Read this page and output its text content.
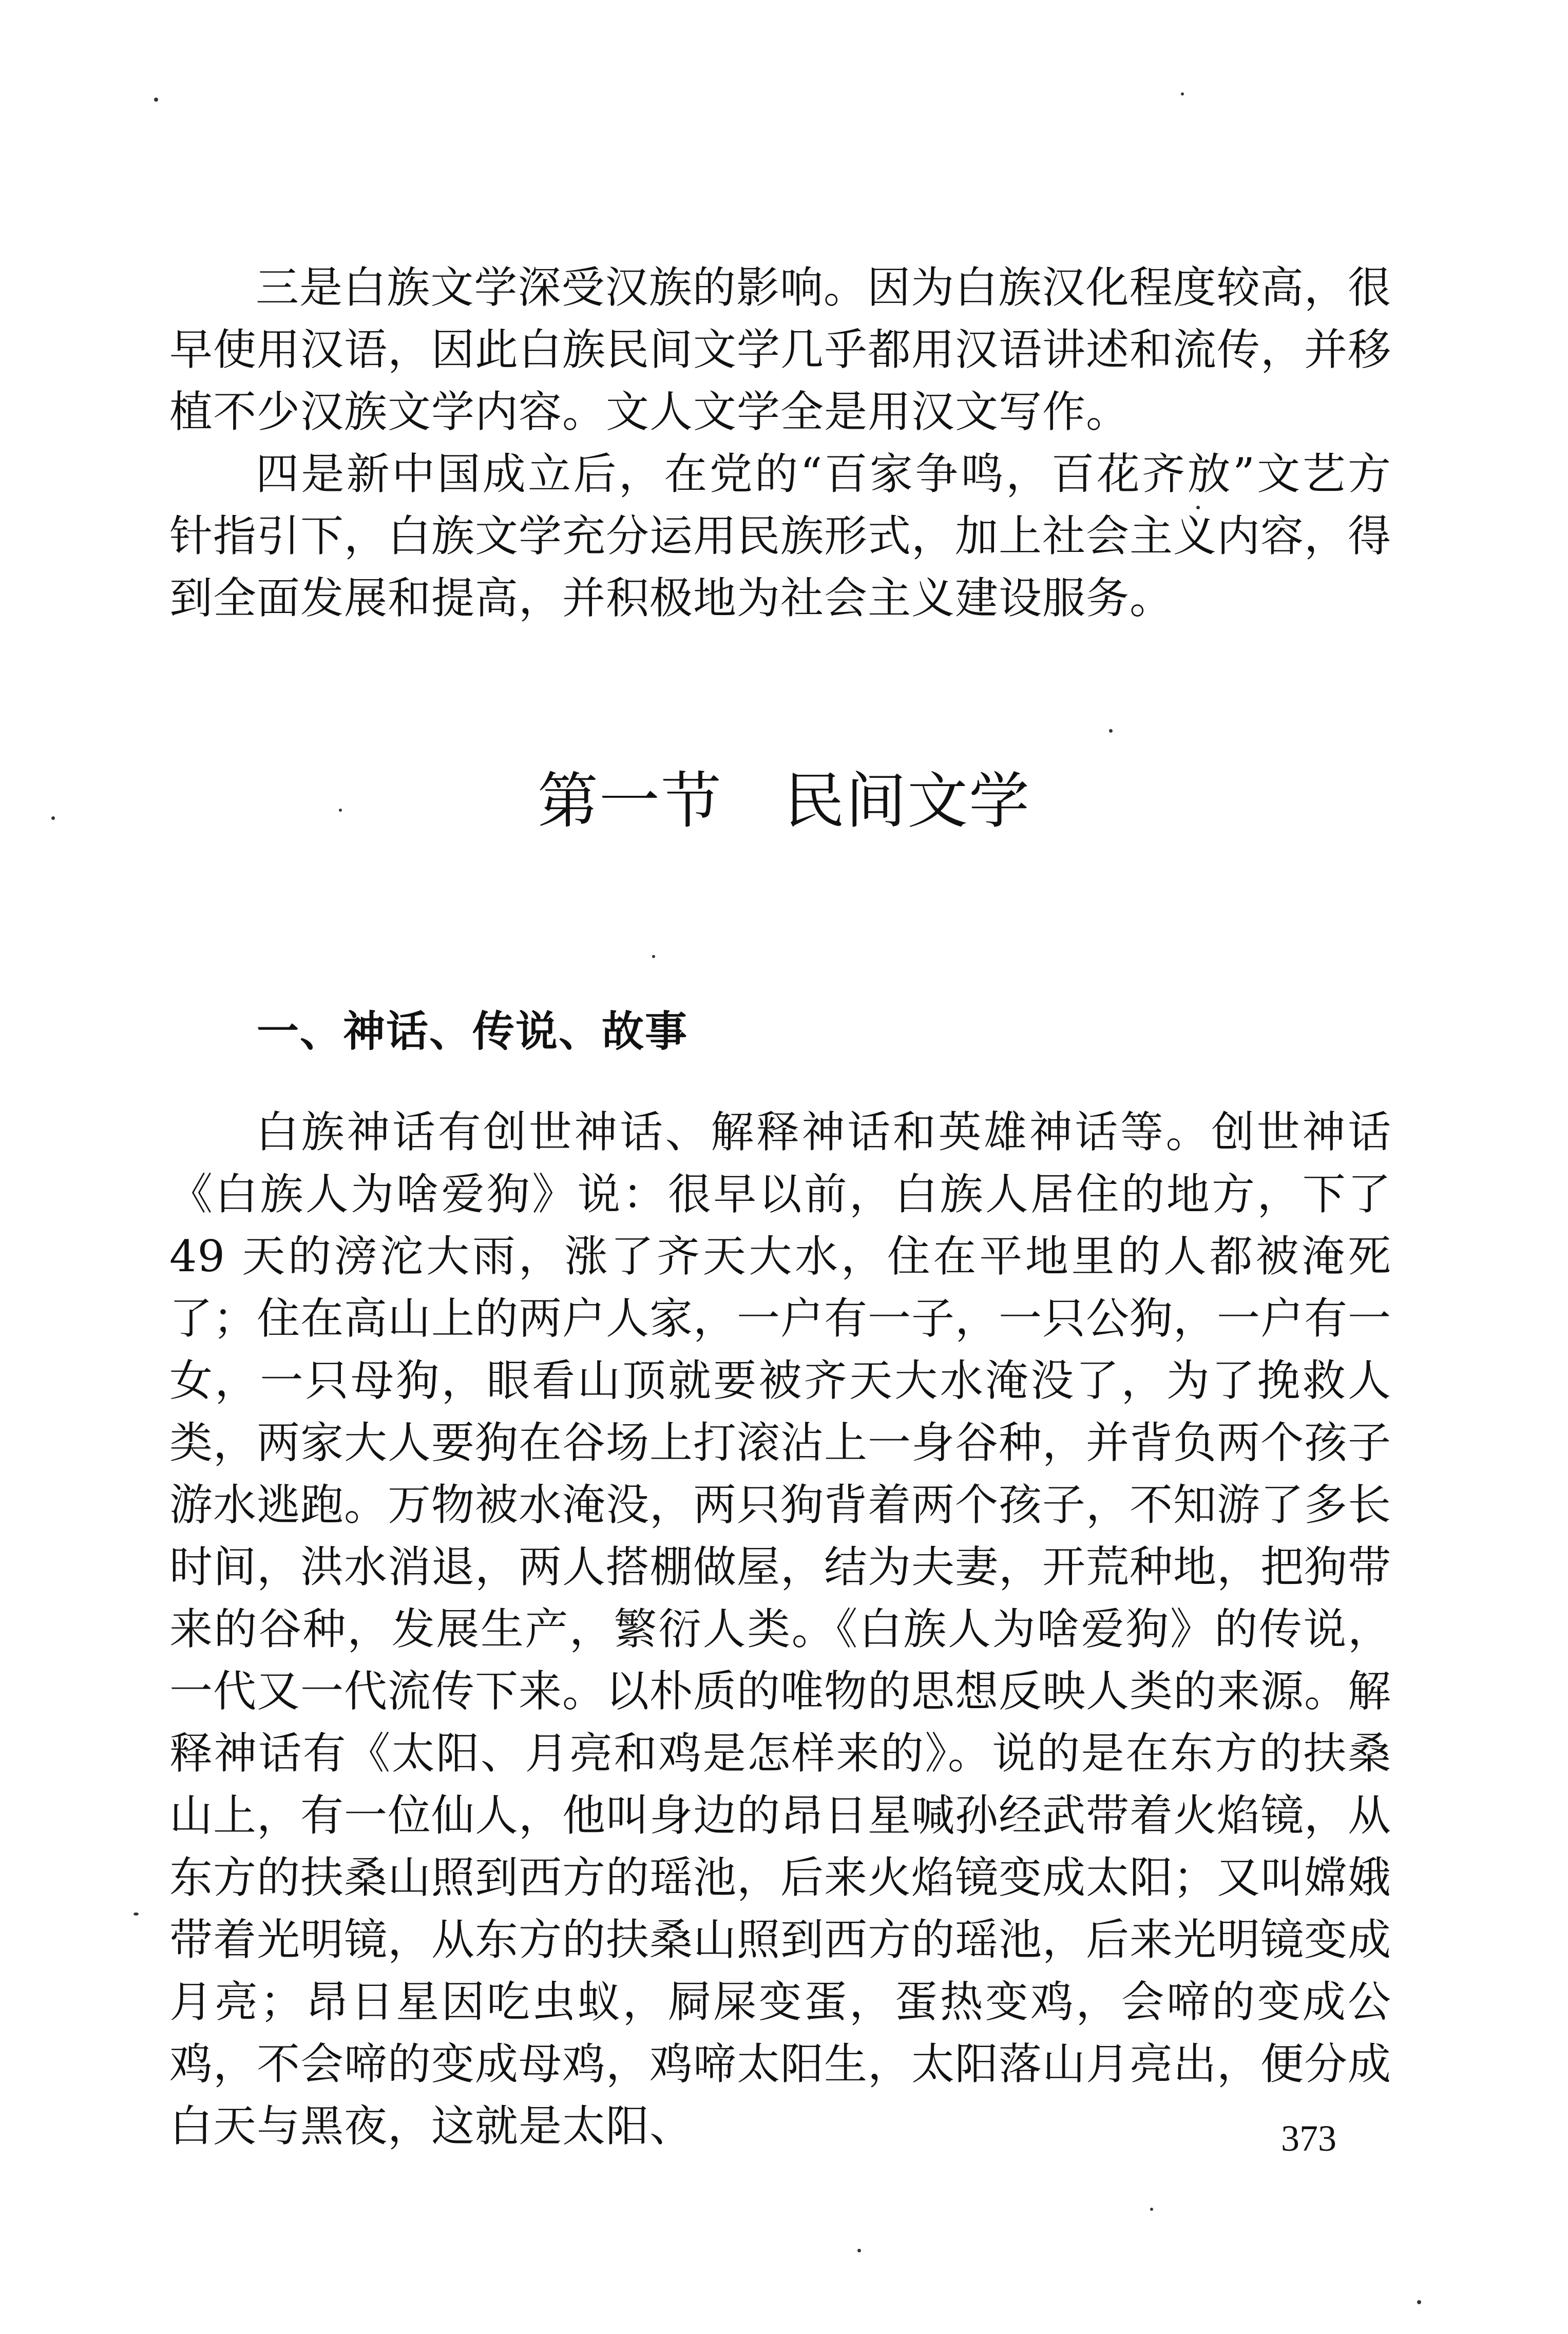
三是白族文学深受汉族的影响。因为白族汉化程度较高，很早使用汉语，因此白族民间文学几乎都用汉语讲述和流传，并移植不少汉族文学内容。文人文学全是用汉文写作。

四是新中国成立后，在党的“百家争鸣，百花齐放”文艺方针指引下，白族文学充分运用民族形式，加上社会主义内容，得到全面发展和提高，并积极地为社会主义建设服务。

第一节　民间文学
一、神话、传说、故事

白族神话有创世神话、解释神话和英雄神话等。创世神话《白族人为啥爱狗》说：很早以前，白族人居住的地方，下了 49 天的滂沱大雨，涨了齐天大水，住在平地里的人都被淹死了；住在高山上的两户人家，一户有一子，一只公狗，一户有一女，一只母狗，眼看山顶就要被齐天大水淹没了，为了挽救人类，两家大人要狗在谷场上打滚沾上一身谷种，并背负两个孩子游水逃跑。万物被水淹没，两只狗背着两个孩子，不知游了多长时间，洪水消退，两人搭棚做屋，结为夫妻，开荒种地，把狗带来的谷种，发展生产，繁衍人类。《白族人为啥爱狗》的传说，一代又一代流传下来。以朴质的唯物的思想反映人类的来源。解释神话有《太阳、月亮和鸡是怎样来的》。说的是在东方的扶桑山上，有一位仙人，他叫身边的昂日星喊孙经武带着火焰镜，从东方的扶桑山照到西方的瑶池，后来火焰镜变成太阳；又叫嫦娥带着光明镜，从东方的扶桑山照到西方的瑶池，后来光明镜变成月亮；昂日星因吃虫蚁，屙屎变蛋，蛋热变鸡，会啼的变成公鸡，不会啼的变成母鸡，鸡啼太阳生，太阳落山月亮出，便分成白天与黑夜，这就是太阳、	373
